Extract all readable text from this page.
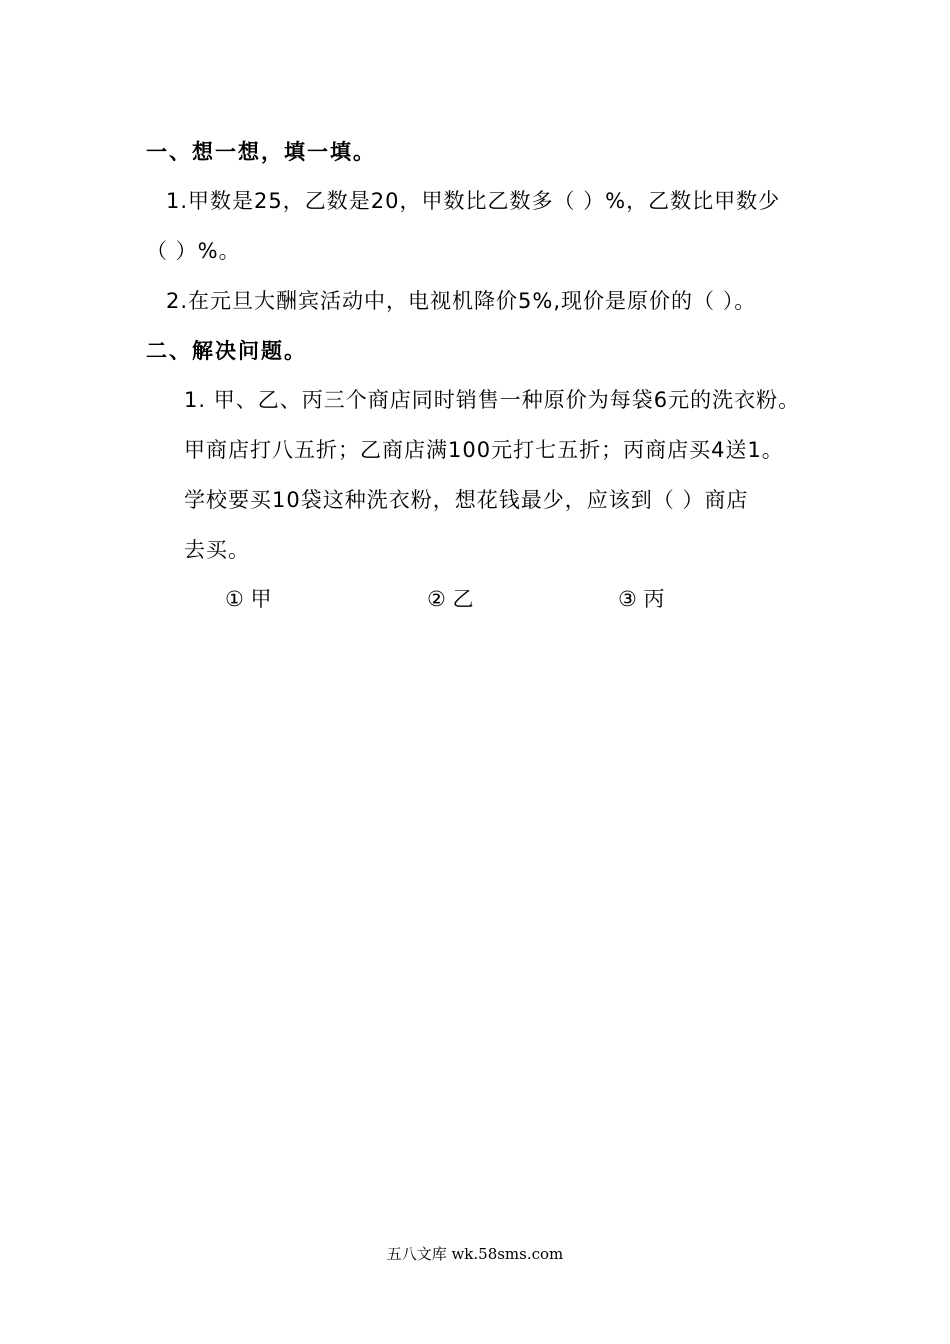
一、想一想，填一填。
1.甲数是25，乙数是20，甲数比乙数多（ ）%，乙数比甲数少
（ ）%。
2.在元旦大酬宾活动中，电视机降价5%,现价是原价的（ ）。
二、解决问题。
1. 甲、乙、丙三个商店同时销售一种原价为每袋6元的洗衣粉。
甲商店打八五折；乙商店满100元打七五折；丙商店买4送1。
学校要买10袋这种洗衣粉，想花钱最少，应该到（ ）商店
去买。
① 甲	② 乙	③ 丙
五八文库 wk.58sms.com
